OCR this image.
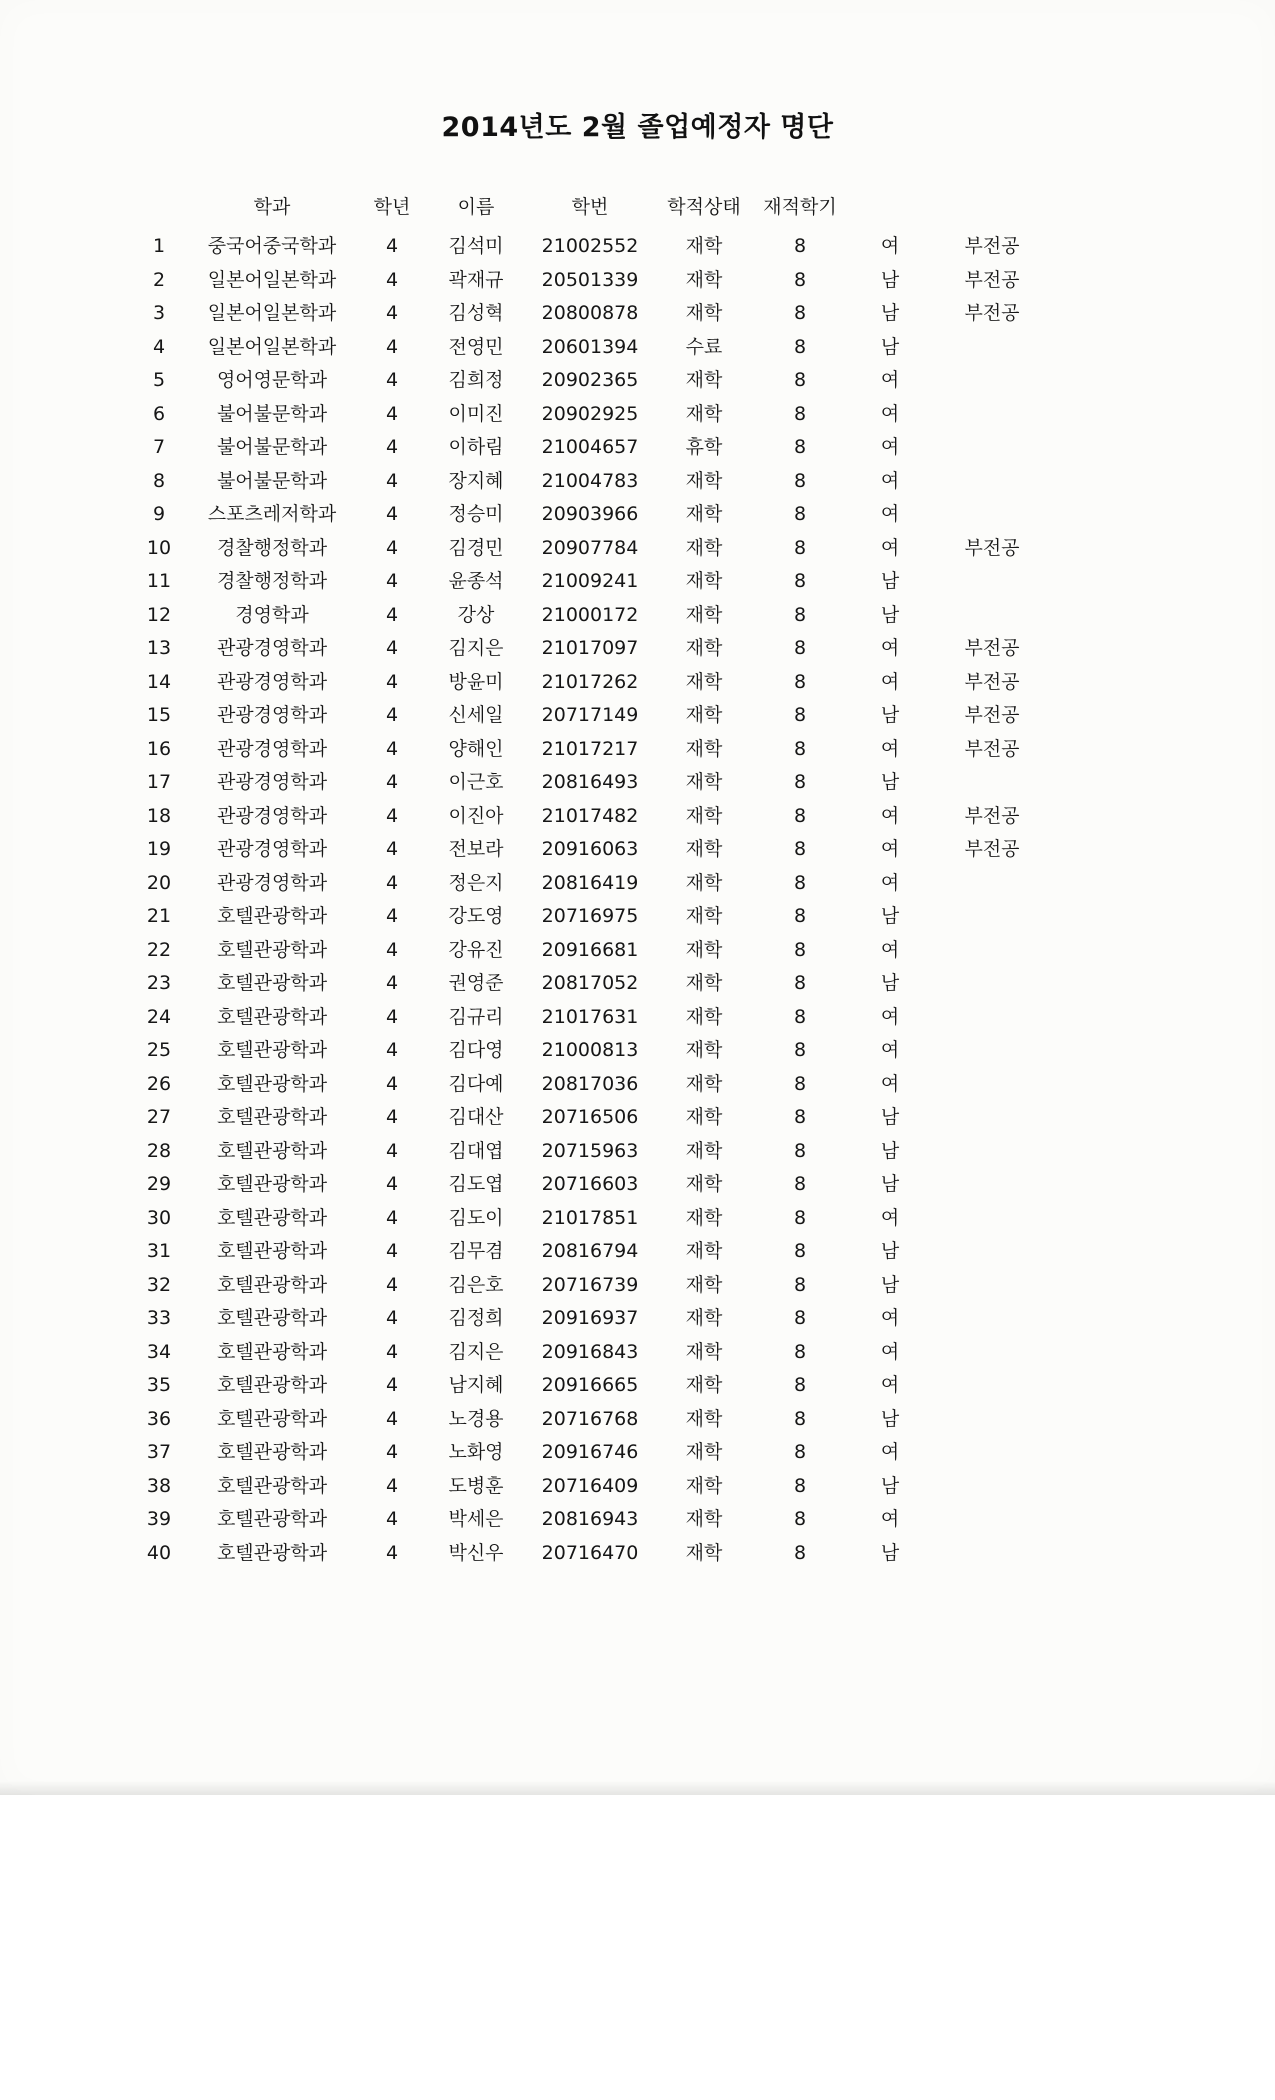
2014년도 2월 졸업예정자 명단
	학과	학년	이름	학번	학적상태	재적학기		
1	중국어중국학과	4	김석미	21002552	재학	8	여	부전공
2	일본어일본학과	4	곽재규	20501339	재학	8	남	부전공
3	일본어일본학과	4	김성혁	20800878	재학	8	남	부전공
4	일본어일본학과	4	전영민	20601394	수료	8	남	
5	영어영문학과	4	김희정	20902365	재학	8	여	
6	불어불문학과	4	이미진	20902925	재학	8	여	
7	불어불문학과	4	이하림	21004657	휴학	8	여	
8	불어불문학과	4	장지혜	21004783	재학	8	여	
9	스포츠레저학과	4	정승미	20903966	재학	8	여	
10	경찰행정학과	4	김경민	20907784	재학	8	여	부전공
11	경찰행정학과	4	윤종석	21009241	재학	8	남	
12	경영학과	4	강상	21000172	재학	8	남	
13	관광경영학과	4	김지은	21017097	재학	8	여	부전공
14	관광경영학과	4	방윤미	21017262	재학	8	여	부전공
15	관광경영학과	4	신세일	20717149	재학	8	남	부전공
16	관광경영학과	4	양해인	21017217	재학	8	여	부전공
17	관광경영학과	4	이근호	20816493	재학	8	남	
18	관광경영학과	4	이진아	21017482	재학	8	여	부전공
19	관광경영학과	4	전보라	20916063	재학	8	여	부전공
20	관광경영학과	4	정은지	20816419	재학	8	여	
21	호텔관광학과	4	강도영	20716975	재학	8	남	
22	호텔관광학과	4	강유진	20916681	재학	8	여	
23	호텔관광학과	4	권영준	20817052	재학	8	남	
24	호텔관광학과	4	김규리	21017631	재학	8	여	
25	호텔관광학과	4	김다영	21000813	재학	8	여	
26	호텔관광학과	4	김다예	20817036	재학	8	여	
27	호텔관광학과	4	김대산	20716506	재학	8	남	
28	호텔관광학과	4	김대엽	20715963	재학	8	남	
29	호텔관광학과	4	김도엽	20716603	재학	8	남	
30	호텔관광학과	4	김도이	21017851	재학	8	여	
31	호텔관광학과	4	김무겸	20816794	재학	8	남	
32	호텔관광학과	4	김은호	20716739	재학	8	남	
33	호텔관광학과	4	김정희	20916937	재학	8	여	
34	호텔관광학과	4	김지은	20916843	재학	8	여	
35	호텔관광학과	4	남지혜	20916665	재학	8	여	
36	호텔관광학과	4	노경용	20716768	재학	8	남	
37	호텔관광학과	4	노화영	20916746	재학	8	여	
38	호텔관광학과	4	도병훈	20716409	재학	8	남	
39	호텔관광학과	4	박세은	20816943	재학	8	여	
40	호텔관광학과	4	박신우	20716470	재학	8	남	
